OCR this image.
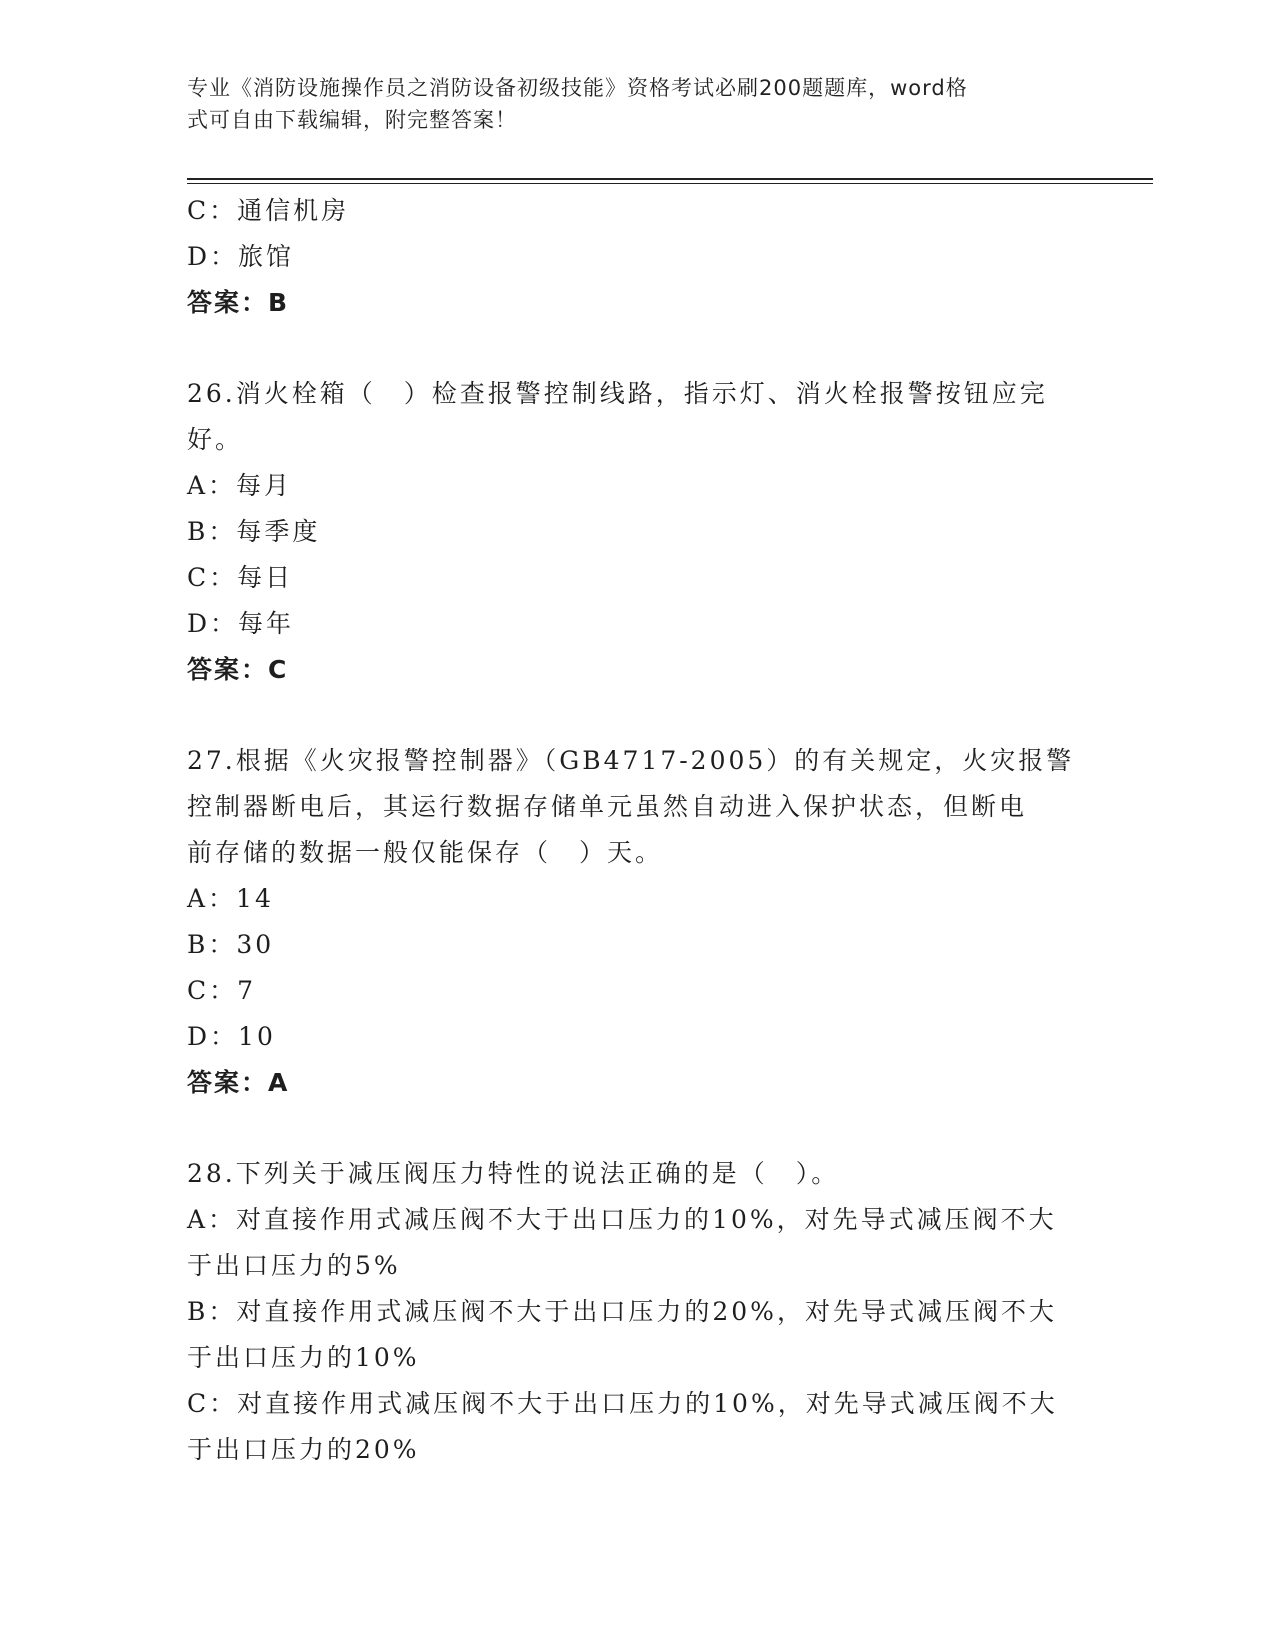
专业《消防设施操作员之消防设备初级技能》资格考试必刷200题题库，word格
式可自由下载编辑，附完整答案！
C：通信机房
D：旅馆
答案：B
26.消火栓箱（　）检查报警控制线路，指示灯、消火栓报警按钮应完
好。
A：每月
B：每季度
C：每日
D：每年
答案：C
27.根据《火灾报警控制器》（GB4717-2005）的有关规定，火灾报警
控制器断电后，其运行数据存储单元虽然自动进入保护状态，但断电
前存储的数据一般仅能保存（　）天。
A：14
B：30
C：7
D：10
答案：A
28.下列关于减压阀压力特性的说法正确的是（　）。
A：对直接作用式减压阀不大于出口压力的10%，对先导式减压阀不大
于出口压力的5%
B：对直接作用式减压阀不大于出口压力的20%，对先导式减压阀不大
于出口压力的10%
C：对直接作用式减压阀不大于出口压力的10%，对先导式减压阀不大
于出口压力的20%
